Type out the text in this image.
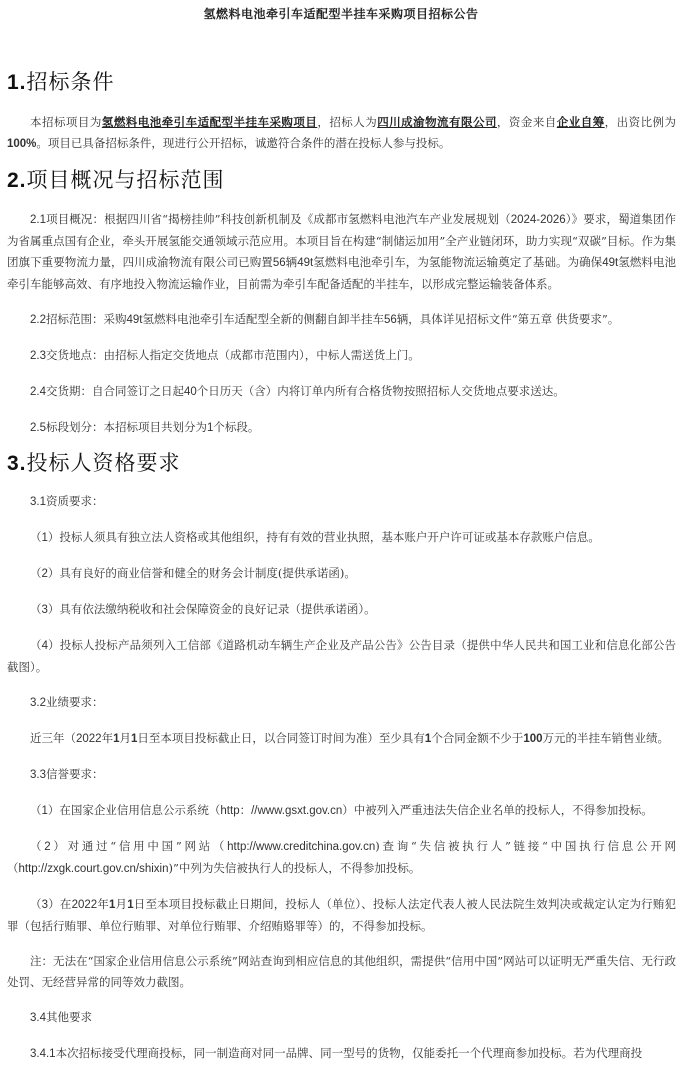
氢燃料电池牵引车适配型半挂车采购项目招标公告
1.招标条件

本招标项目为氢燃料电池牵引车适配型半挂车采购项目，招标人为四川成渝物流有限公司，资金来自企业自筹，出资比例为100%。项目已具备招标条件，现进行公开招标，诚邀符合条件的潜在投标人参与投标。

2.项目概况与招标范围

2.1项目概况：根据四川省“揭榜挂帅”科技创新机制及《成都市氢燃料电池汽车产业发展规划（2024-2026）》要求，蜀道集团作为省属重点国有企业，牵头开展氢能交通领域示范应用。本项目旨在构建“制储运加用”全产业链闭环，助力实现“双碳”目标。作为集团旗下重要物流力量，四川成渝物流有限公司已购置56辆49t氢燃料电池牵引车，为氢能物流运输奠定了基础。为确保49t氢燃料电池牵引车能够高效、有序地投入物流运输作业，目前需为牵引车配备适配的半挂车，以形成完整运输装备体系。

2.2招标范围：采购49t氢燃料电池牵引车适配型全新的侧翻自卸半挂车56辆，具体详见招标文件“第五章 供货要求”。

2.3交货地点：由招标人指定交货地点（成都市范围内），中标人需送货上门。

2.4交货期：自合同签订之日起40个日历天（含）内将订单内所有合格货物按照招标人交货地点要求送达。

2.5标段划分：本招标项目共划分为1个标段。

3.投标人资格要求

3.1资质要求：

（1）投标人须具有独立法人资格或其他组织，持有有效的营业执照，基本账户开户许可证或基本存款账户信息。

（2）具有良好的商业信誉和健全的财务会计制度(提供承诺函)。

（3）具有依法缴纳税收和社会保障资金的良好记录（提供承诺函）。

（4）投标人投标产品须列入工信部《道路机动车辆生产企业及产品公告》公告目录（提供中华人民共和国工业和信息化部公告截图）。

3.2业绩要求：

近三年（2022年1月1日至本项目投标截止日，以合同签订时间为准）至少具有1个合同金额不少于100万元的半挂车销售业绩。

3.3信誉要求：

（1）在国家企业信用信息公示系统（http：//www.gsxt.gov.cn）中被列入严重违法失信企业名单的投标人，不得参加投标。

（2）对通过“信用中国”网站（http://www.creditchina.gov.cn)查询“失信被执行人”链接“中国执行信息公开网（http://zxgk.court.gov.cn/shixin)”中列为失信被执行人的投标人，不得参加投标。

（3）在2022年1月1日至本项目投标截止日期间，投标人（单位）、投标人法定代表人被人民法院生效判决或裁定认定为行贿犯罪（包括行贿罪、单位行贿罪、对单位行贿罪、介绍贿赂罪等）的，不得参加投标。

注：无法在“国家企业信用信息公示系统”网站查询到相应信息的其他组织，需提供“信用中国”网站可以证明无严重失信、无行政处罚、无经营异常的同等效力截图。

3.4其他要求

3.4.1本次招标接受代理商投标，同一制造商对同一品牌、同一型号的货物，仅能委托一个代理商参加投标。若为代理商投
